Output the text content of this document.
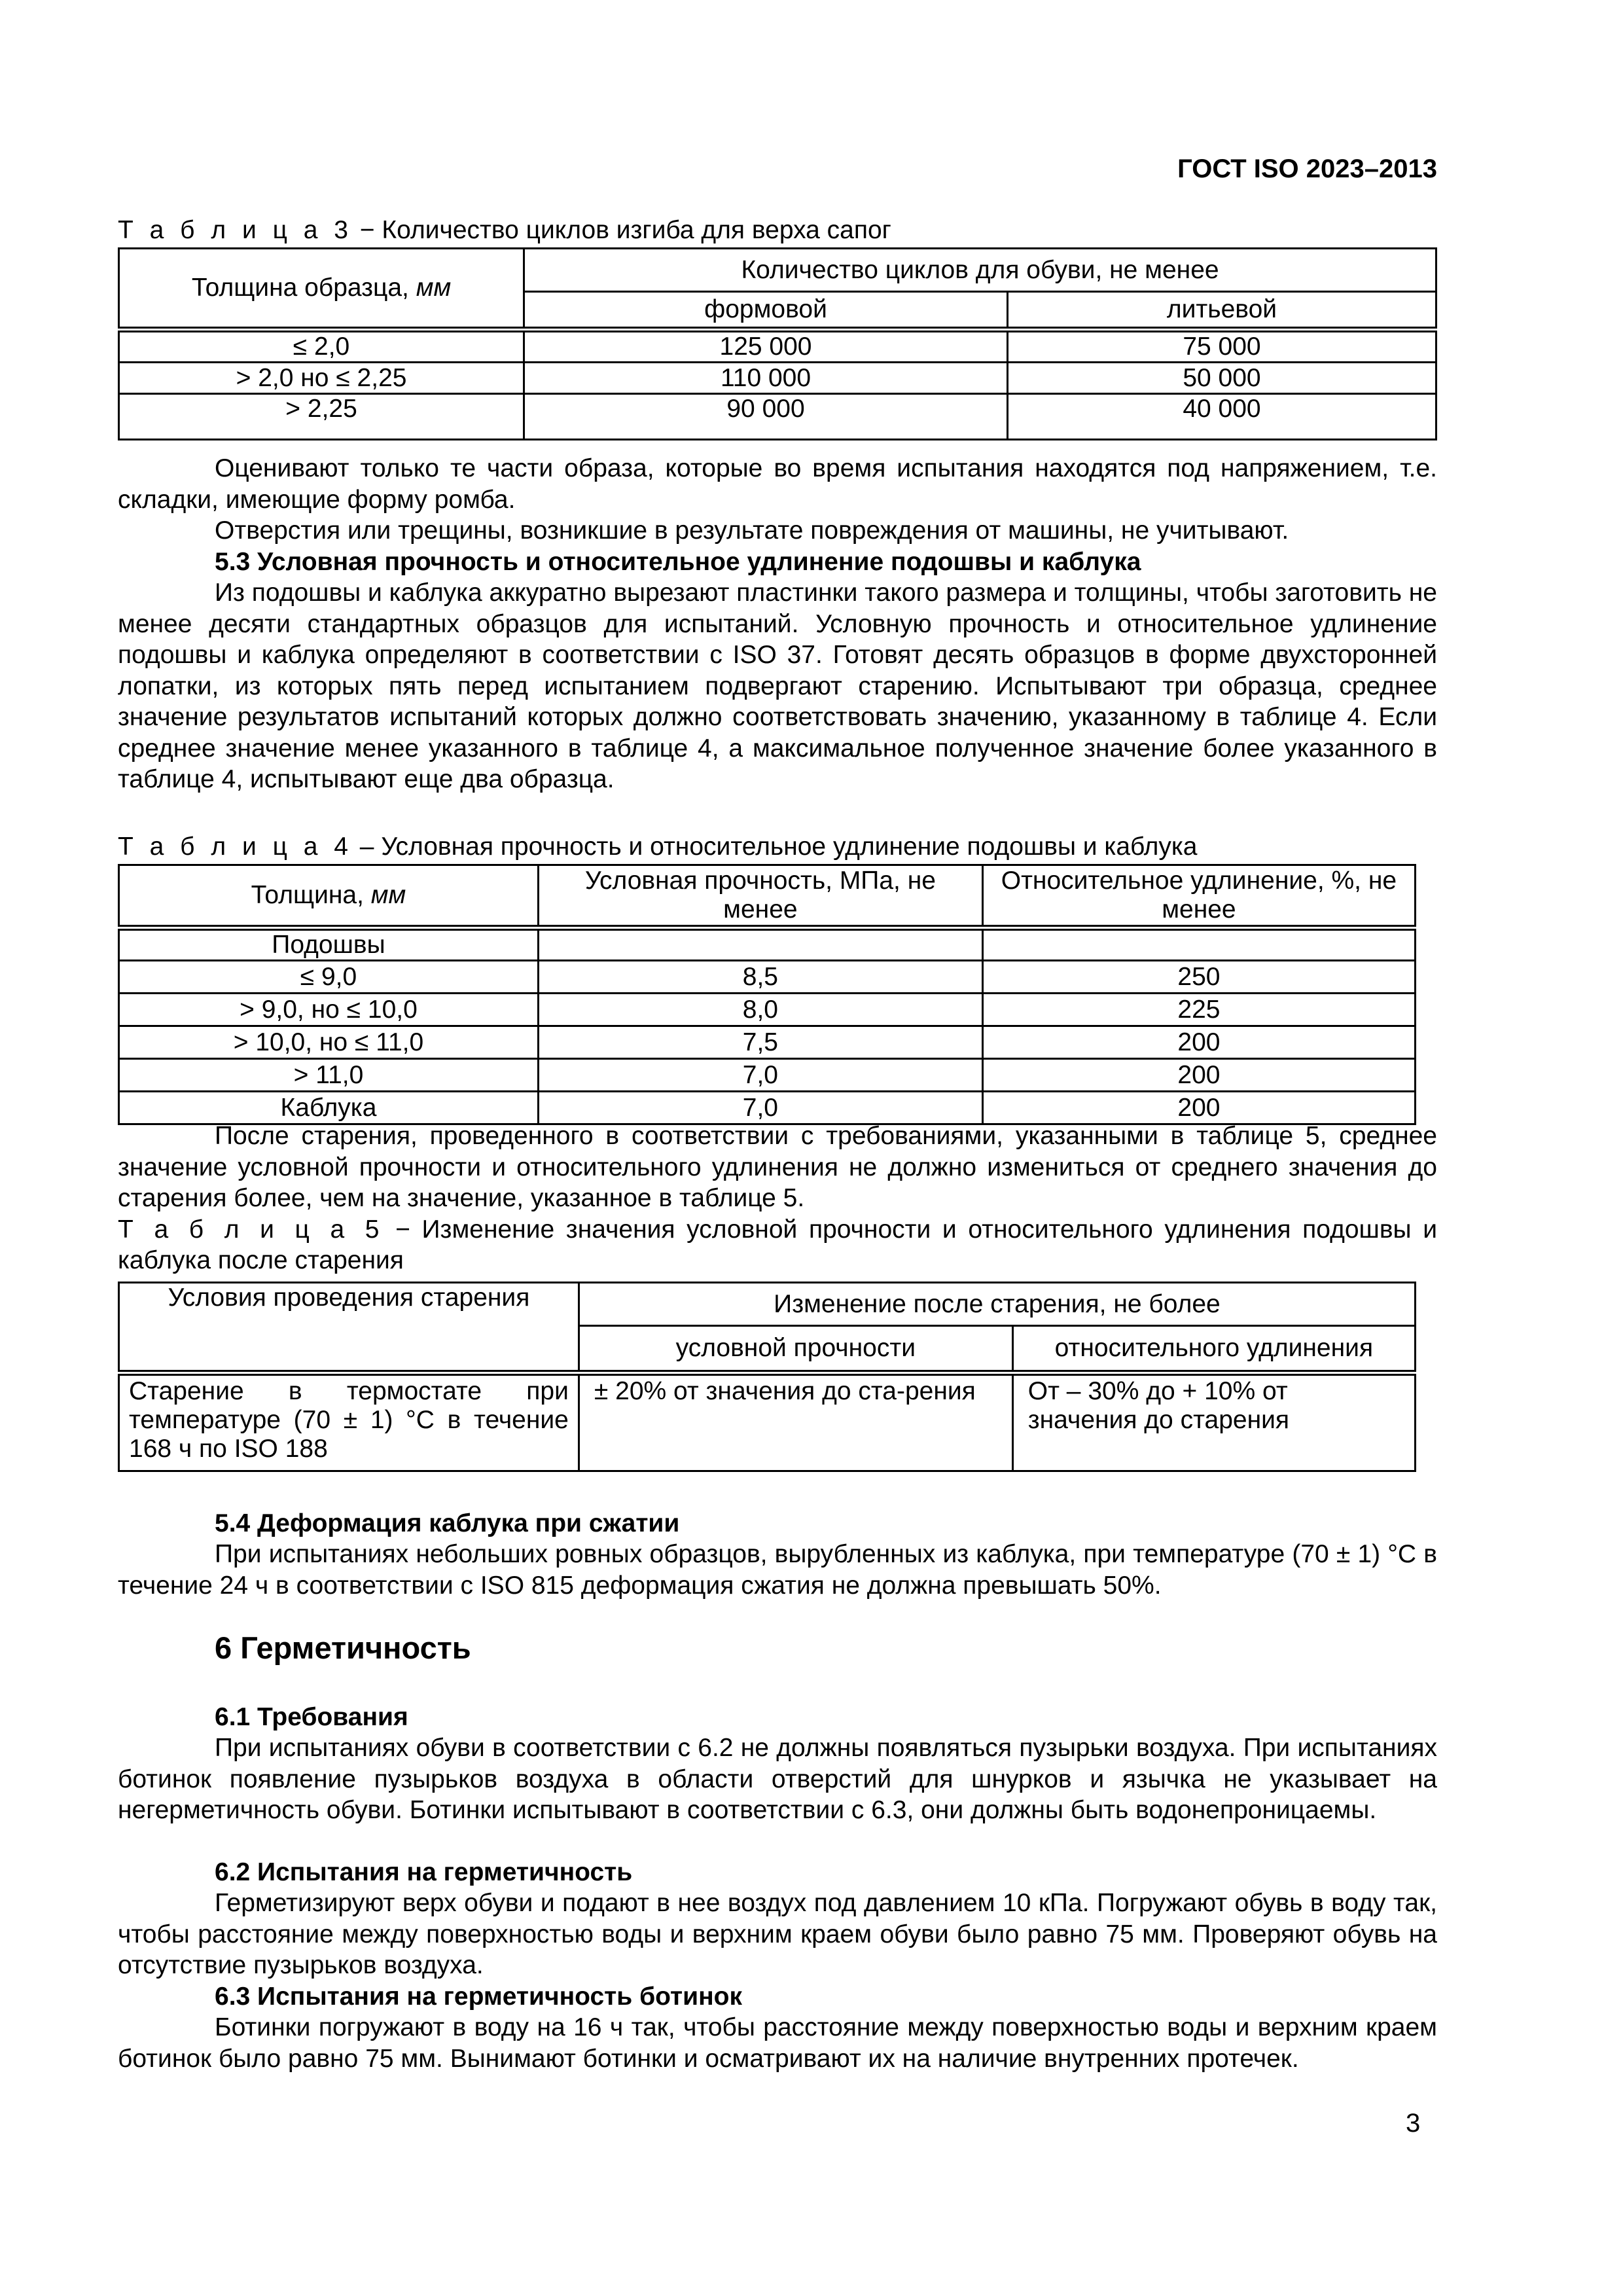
ГОСТ ISO 2023–2013
Т а б л и ц а 3 − Количество циклов изгиба для верха сапог
Толщина образца, мм	Количество циклов для обуви, не менее	
	формовой	литьевой
≤ 2,0	125 000	75 000
> 2,0 но ≤ 2,25	110 000	50 000
> 2,25	90 000	40 000

Оценивают только те части образа, которые во время испытания находятся под напряжением, т.е. складки, имеющие форму ромба.

Отверстия или трещины, возникшие в результате повреждения от машины, не учитывают.

5.3 Условная прочность и относительное удлинение подошвы и каблука

Из подошвы и каблука аккуратно вырезают пластинки такого размера и толщины, чтобы заготовить не менее десяти стандартных образцов для испытаний. Условную прочность и относительное удлинение подошвы и каблука определяют в соответствии с ISO 37. Готовят десять образцов в форме двухсторонней лопатки, из которых пять перед испытанием подвергают старению. Испытывают три образца, среднее значение результатов испытаний которых должно соответствовать значению, указанному в таблице 4. Если среднее значение менее указанного в таблице 4, а максимальное полученное значение более указанного в таблице 4, испытывают еще два образца.

Т а б л и ц а 4 – Условная прочность и относительное удлинение подошвы и каблука
Толщина, мм	Условная прочность, МПа, не менее	Относительное удлинение, %, не менее
Подошвы		
≤ 9,0	8,5	250
> 9,0, но ≤ 10,0	8,0	225
> 10,0, но ≤ 11,0	7,5	200
> 11,0	7,0	200
Каблука	7,0	200

После старения, проведенного в соответствии с требованиями, указанными в таблице 5, среднее значение условной прочности и относительного удлинения не должно измениться от среднего значения до старения более, чем на значение, указанное в таблице 5.

Т а б л и ц а 5 − Изменение значения условной прочности и относительного удлинения подошвы и каблука после старения

Условия проведения старения	Изменение после старения, не более	
	условной прочности	относительного удлинения
Старение в термостате при температуре (70 ± 1) °С в течение 168 ч по ISO 188	± 20% от значения до ста-рения	От – 30% до + 10% от значения до старения
5.4 Деформация каблука при сжатии

При испытаниях небольших ровных образцов, вырубленных из каблука, при температуре (70 ± 1) °С в течение 24 ч в соответствии с ISO 815 деформация сжатия не должна превышать 50%.

6 Герметичность
6.1 Требования

При испытаниях обуви в соответствии с 6.2 не должны появляться пузырьки воздуха. При испытаниях ботинок появление пузырьков воздуха в области отверстий для шнурков и язычка не указывает на негерметичность обуви. Ботинки испытывают в соответствии с 6.3, они должны быть водонепроницаемы.

6.2 Испытания на герметичность

Герметизируют верх обуви и подают в нее воздух под давлением 10 кПа. Погружают обувь в воду так, чтобы расстояние между поверхностью воды и верхним краем обуви было равно 75 мм. Проверяют обувь на отсутствие пузырьков воздуха.

6.3 Испытания на герметичность ботинок

Ботинки погружают в воду на 16 ч так, чтобы расстояние между поверхностью воды и верхним краем ботинок было равно 75 мм. Вынимают ботинки и осматривают их на наличие внутренних протечек.

3
